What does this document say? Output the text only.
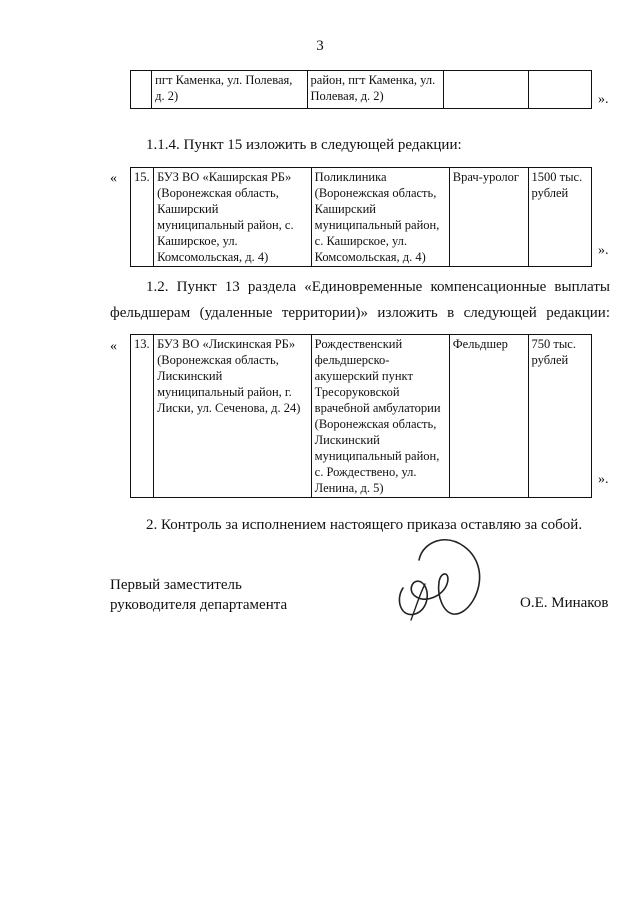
3
	пгт Каменка, ул. Полевая, д. 2)	район, пгт Каменка, ул. Полевая, д. 2)			».
1.1.4. Пункт 15 изложить в следующей редакции:
« 15.	БУЗ ВО «Каширская РБ» (Воронежская область, Каширский муниципальный район, с. Каширское, ул. Комсомольская, д. 4)	Поликлиника (Воронежская область, Каширский муниципальный район, с. Каширское, ул. Комсомольская, д. 4)	Врач-уролог	1500 тыс. рублей
».
1.2. Пункт 13 раздела «Единовременные компенсационные выплаты
фельдшерам (удаленные территории)» изложить в следующей редакции:
« 13.	БУЗ ВО «Лискинская РБ» (Воронежская область, Лискинский муниципальный район, г. Лиски, ул. Сеченова, д. 24)	Рождественский фельдшерско-акушерский пункт Тресоруковской врачебной амбулатории (Воронежская область, Лискинский муниципальный район, с. Рождествено, ул. Ленина, д. 5)	Фельдшер	750 тыс. рублей
».
2. Контроль за исполнением настоящего приказа оставляю за собой.
Первый заместитель
руководителя департамента	О.Е. Минаков
